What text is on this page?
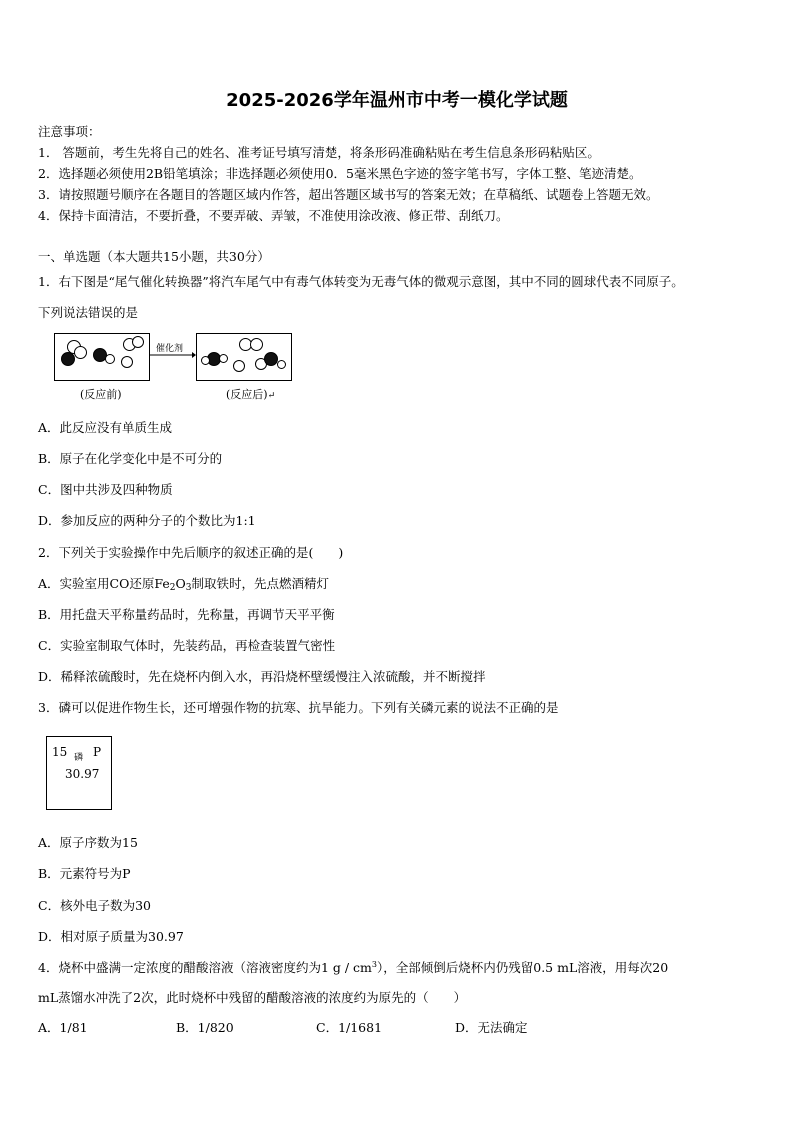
2025-2026学年温州市中考一模化学试题
注意事项：
1． 答题前，考生先将自己的姓名、准考证号填写清楚，将条形码准确粘贴在考生信息条形码粘贴区。
2．选择题必须使用2B铅笔填涂；非选择题必须使用0．5毫米黑色字迹的签字笔书写，字体工整、笔迹清楚。
3．请按照题号顺序在各题目的答题区域内作答，超出答题区域书写的答案无效；在草稿纸、试题卷上答题无效。
4．保持卡面清洁，不要折叠，不要弄破、弄皱，不准使用涂改液、修正带、刮纸刀。
一、单选题（本大题共15小题，共30分）
1．右下图是“尾气催化转换器”将汽车尾气中有毒气体转变为无毒气体的微观示意图，其中不同的圆球代表不同原子。
下列说法错误的是
催化剂
(反应前)	(反应后)↵
A．此反应没有单质生成
B．原子在化学变化中是不可分的
C．图中共涉及四种物质
D．参加反应的两种分子的个数比为1:1
2．下列关于实验操作中先后顺序的叙述正确的是(　　)
A．实验室用CO还原$Fe_2O_3$制取铁时，先点燃酒精灯
B．用托盘天平称量药品时，先称量，再调节天平平衡
C．实验室制取气体时，先装药品，再检查装置气密性
D．稀释浓硫酸时，先在烧杯内倒入水，再沿烧杯壁缓慢注入浓硫酸，并不断搅拌
3．磷可以促进作物生长，还可增强作物的抗寒、抗旱能力。下列有关磷元素的说法不正确的是
15 磷 P
30.97
A．原子序数为15
B．元素符号为P
C．核外电子数为30
D．相对原子质量为30.97
4．烧杯中盛满一定浓度的醋酸溶液（溶液密度约为1 g / $cm^3$），全部倾倒后烧杯内仍残留0.5 mL溶液，用每次20
mL蒸馏水冲洗了2次，此时烧杯中残留的醋酸溶液的浓度约为原先的（　　）
A．1/81	B．1/820	C．1/1681	D．无法确定
